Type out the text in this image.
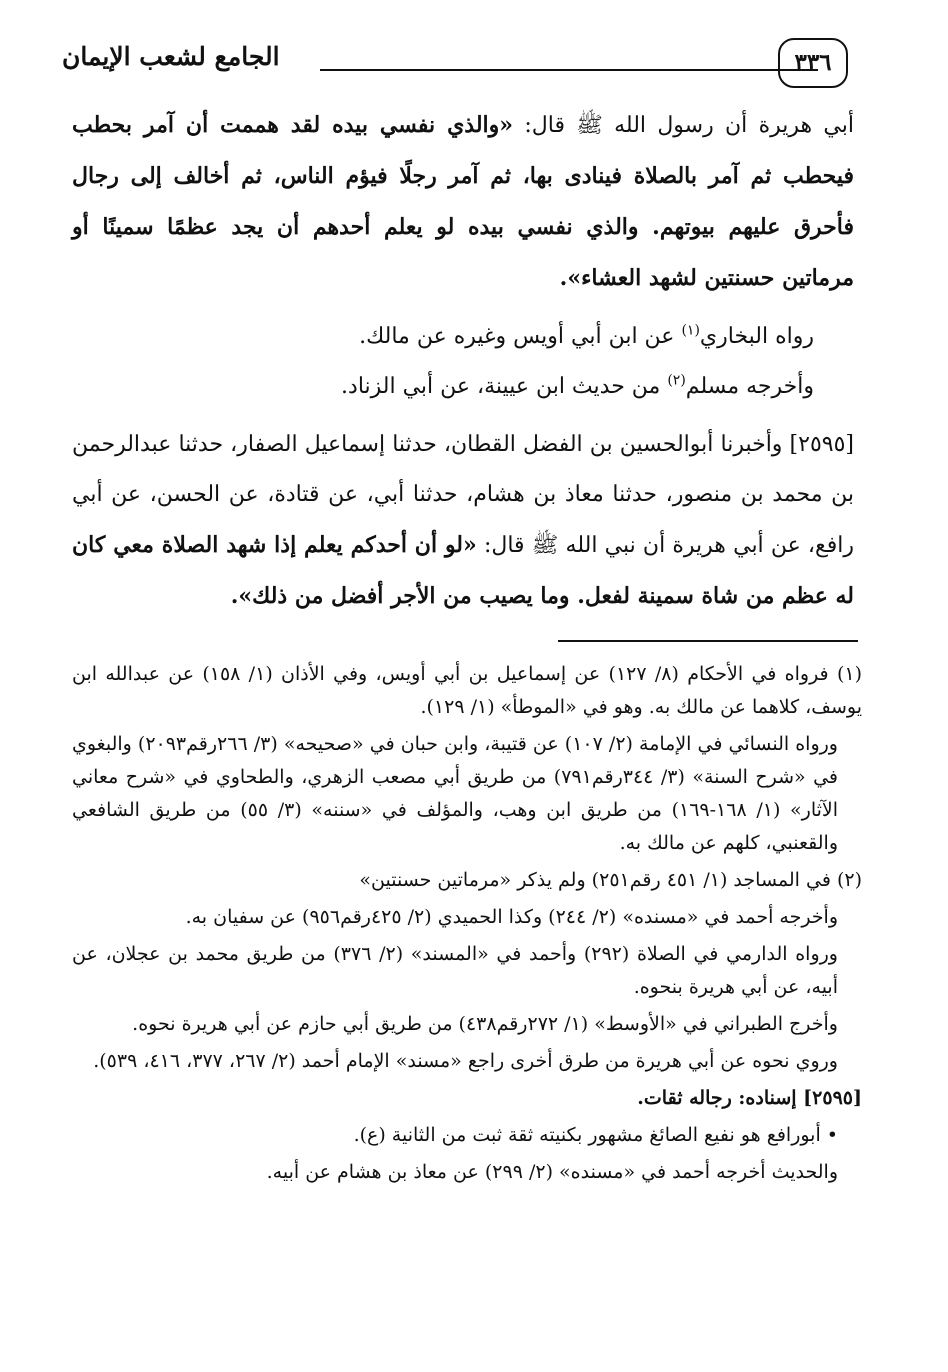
الجامع لشعب الإيمان	٣٣٦

أبي هريرة أن رسول الله ﷺ قال: «والذي نفسي بيده لقد هممت أن آمر بحطب فيحطب ثم آمر بالصلاة فينادى بها، ثم آمر رجلًا فيؤم الناس، ثم أخالف إلى رجال فأحرق عليهم بيوتهم. والذي نفسي بيده لو يعلم أحدهم أن يجد عظمًا سمينًا أو مرماتين حسنتين لشهد العشاء».

رواه البخاري$^{(١)}$ عن ابن أبي أويس وغيره عن مالك.

وأخرجه مسلم$^{(٢)}$ من حديث ابن عيينة، عن أبي الزناد.

[٢٥٩٥] وأخبرنا أبوالحسين بن الفضل القطان، حدثنا إسماعيل الصفار، حدثنا عبدالرحمن بن محمد بن منصور، حدثنا معاذ بن هشام، حدثنا أبي، عن قتادة، عن الحسن، عن أبي رافع، عن أبي هريرة أن نبي الله ﷺ قال: «لو أن أحدكم يعلم إذا شهد الصلاة معي كان له عظم من شاة سمينة لفعل. وما يصيب من الأجر أفضل من ذلك».

(١) فرواه في الأحكام (٨/ ١٢٧) عن إسماعيل بن أبي أويس، وفي الأذان (١/ ١٥٨) عن عبدالله ابن يوسف، كلاهما عن مالك به. وهو في «الموطأ» (١/ ١٢٩).

ورواه النسائي في الإمامة (٢/ ١٠٧) عن قتيبة، وابن حبان في «صحيحه» (٣/ ٢٦٦رقم٢٠٩٣) والبغوي في «شرح السنة» (٣/ ٣٤٤رقم٧٩١) من طريق أبي مصعب الزهري، والطحاوي في «شرح معاني الآثار» (١/ ١٦٨-١٦٩) من طريق ابن وهب، والمؤلف في «سننه» (٣/ ٥٥) من طريق الشافعي والقعنبي، كلهم عن مالك به.

(٢) في المساجد (١/ ٤٥١ رقم٢٥١) ولم يذكر «مرماتين حسنتين»

وأخرجه أحمد في «مسنده» (٢/ ٢٤٤) وكذا الحميدي (٢/ ٤٢٥رقم٩٥٦) عن سفيان به.

ورواه الدارمي في الصلاة (٢٩٢) وأحمد في «المسند» (٢/ ٣٧٦) من طريق محمد بن عجلان، عن أبيه، عن أبي هريرة بنحوه.

وأخرج الطبراني في «الأوسط» (١/ ٢٧٢رقم٤٣٨) من طريق أبي حازم عن أبي هريرة نحوه.

وروي نحوه عن أبي هريرة من طرق أخرى راجع «مسند» الإمام أحمد (٢/ ٢٦٧، ٣٧٧، ٤١٦، ٥٣٩).

[٢٥٩٥] إسناده: رجاله ثقات.

• أبورافع هو نفيع الصائغ مشهور بكنيته ثقة ثبت من الثانية (ع).

والحديث أخرجه أحمد في «مسنده» (٢/ ٢٩٩) عن معاذ بن هشام عن أبيه.
